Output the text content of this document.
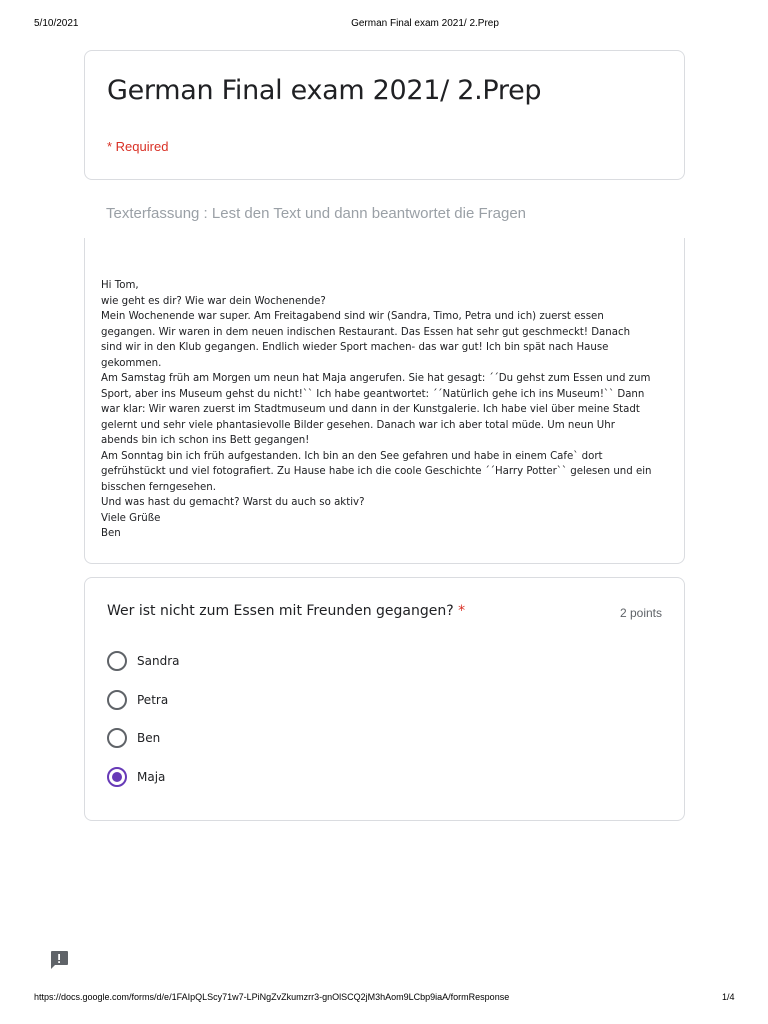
5/10/2021	German Final exam 2021/ 2.Prep
German Final exam 2021/ 2.Prep
* Required
Texterfassung : Lest den Text und dann beantwortet die Fragen
Hi Tom,
wie geht es dir? Wie war dein Wochenende?
Mein Wochenende war super. Am Freitagabend sind wir (Sandra, Timo, Petra und ich) zuerst essen
gegangen. Wir waren in dem neuen indischen Restaurant. Das Essen hat sehr gut geschmeckt! Danach
sind wir in den Klub gegangen. Endlich wieder Sport machen- das war gut! Ich bin spät nach Hause
gekommen.
Am Samstag früh am Morgen um neun hat Maja angerufen. Sie hat gesagt: ´´Du gehst zum Essen und zum
Sport, aber ins Museum gehst du nicht!`` Ich habe geantwortet: ´´Natürlich gehe ich ins Museum!`` Dann
war klar: Wir waren zuerst im Stadtmuseum und dann in der Kunstgalerie. Ich habe viel über meine Stadt
gelernt und sehr viele phantasievolle Bilder gesehen. Danach war ich aber total müde. Um neun Uhr
abends bin ich schon ins Bett gegangen!
Am Sonntag bin ich früh aufgestanden. Ich bin an den See gefahren und habe in einem Cafe` dort
gefrühstückt und viel fotografiert. Zu Hause habe ich die coole Geschichte ´´Harry Potter`` gelesen und ein
bisschen ferngesehen.
Und was hast du gemacht? Warst du auch so aktiv?
Viele Grüße
Ben
Wer ist nicht zum Essen mit Freunden gegangen? *	2 points
Sandra
Petra
Ben
Maja
https://docs.google.com/forms/d/e/1FAIpQLScy71w7-LPiNgZvZkumzrr3-gnOlSCQ2jM3hAom9LCbp9iaA/formResponse	1/4
